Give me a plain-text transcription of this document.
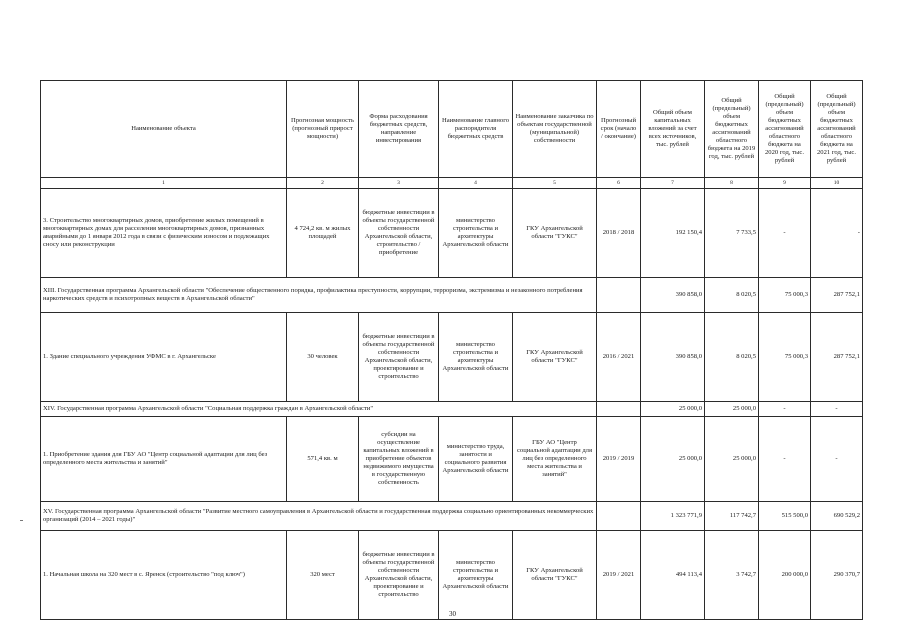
Наименование объекта	Прогнозная мощность (прогнозный прирост мощности)	Форма расходования бюджетных средств, направление инвестирования	Наименование главного распорядителя бюджетных средств	Наименование заказчика по объектам государственной (муниципальной) собственности	Прогнозный срок (начало / окончание)	Общий объем капитальных вложений за счет всех источников, тыс. рублей	Общий (предельный) объем бюджетных ассигнований областного бюджета на 2019 год, тыс. рублей	Общий (предельный) объем бюджетных ассигнований областного бюджета на 2020 год, тыс. рублей	Общий (предельный) объем бюджетных ассигнований областного бюджета на 2021 год, тыс. рублей
1	2	3	4	5	6	7	8	9	10
3. Строительство многоквартирных домов, приобретение жилых помещений в многоквартирных домах для расселения многоквартирных домов, признанных аварийными до 1 января 2012 года в связи с физическим износом и подлежащих сносу или реконструкции	4 724,2 кв. м жилых площадей	бюджетные инвестиции в объекты государственной собственности Архангельской области, строительство / приобретение	министерство строительства и архитектуры Архангельской области	ГКУ Архангельской области "ГУКС"	2018 / 2018	192 150,4	7 733,5	-	-
XIII. Государственная программа Архангельской области "Обеспечение общественного порядка, профилактика преступности, коррупции, терроризма, экстремизма и незаконного потребления наркотических средств и психотропных веществ в Архангельской области"						390 858,0	8 020,5	75 000,3	287 752,1
1. Здание специального учреждения УФМС в г. Архангельске	30 человек	бюджетные инвестиции в объекты государственной собственности Архангельской области, проектирование и строительство	министерство строительства и архитектуры Архангельской области	ГКУ Архангельской области "ГУКС"	2016 / 2021	390 858,0	8 020,5	75 000,3	287 752,1
XIV. Государственная программа Архангельской области "Социальная поддержка граждан в Архангельской области"						25 000,0	25 000,0	-	-
1. Приобретение здания для ГБУ АО "Центр социальной адаптации для лиц без определенного места жительства и занятий"	571,4 кв. м	субсидии на осуществление капитальных вложений в приобретение объектов недвижимого имущества в государственную собственность	министерство труда, занятости и социального развития Архангельской области	ГБУ АО "Центр социальной адаптации для лиц без определенного места жительства и занятий"	2019 / 2019	25 000,0	25 000,0	-	-
XV. Государственная программа Архангельской области "Развитие местного самоуправления в Архангельской области и государственная поддержка социально ориентированных некоммерческих организаций (2014 – 2021 годы)"						1 323 771,9	117 742,7	515 500,0	690 529,2
1. Начальная школа на 320 мест в с. Яренск (строительство "под ключ")	320 мест	бюджетные инвестиции в объекты государственной собственности Архангельской области, проектирование и строительство	министерство строительства и архитектуры Архангельской области	ГКУ Архангельской области "ГУКС"	2019 / 2021	494 113,4	3 742,7	200 000,0	290 370,7
30
